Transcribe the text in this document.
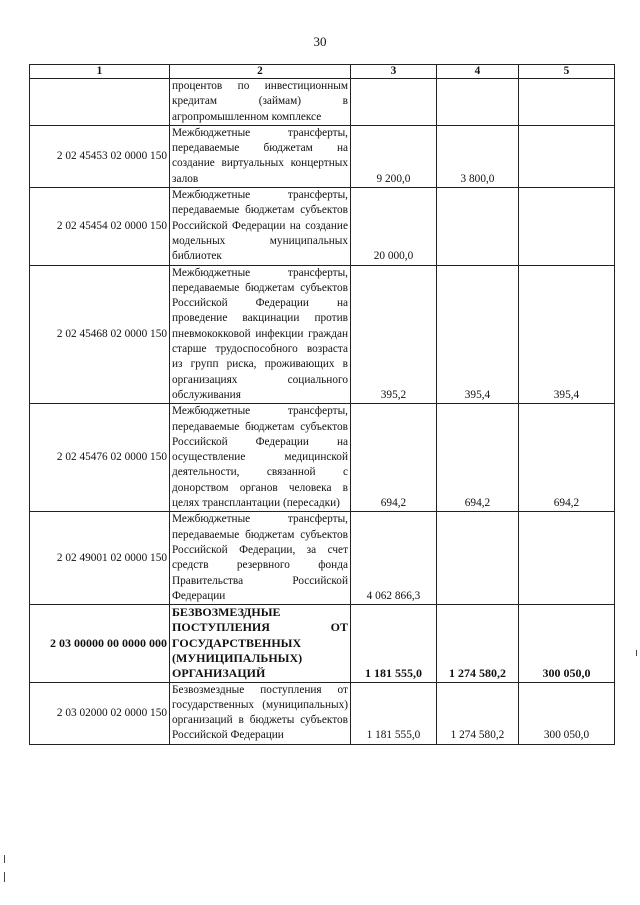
30
1	2	3	4	5
	процентов по инвестиционным кредитам (займам) в агропромышленном комплексе			
2 02 45453 02 0000 150	Межбюджетные трансферты, передаваемые бюджетам на создание виртуальных концертных залов	9 200,0	3 800,0	
2 02 45454 02 0000 150	Межбюджетные трансферты, передаваемые бюджетам субъектов Российской Федерации на создание модельных муниципальных библиотек	20 000,0		
2 02 45468 02 0000 150	Межбюджетные трансферты, передаваемые бюджетам субъектов Российской Федерации на проведение вакцинации против пневмококковой инфекции граждан старше трудоспособного возраста из групп риска, проживающих в организациях социального обслуживания	395,2	395,4	395,4
2 02 45476 02 0000 150	Межбюджетные трансферты, передаваемые бюджетам субъектов Российской Федерации на осуществление медицинской деятельности, связанной с донорством органов человека в целях трансплантации (пересадки)	694,2	694,2	694,2
2 02 49001 02 0000 150	Межбюджетные трансферты, передаваемые бюджетам субъектов Российской Федерации, за счет средств резервного фонда Правительства Российской Федерации	4 062 866,3		
2 03 00000 00 0000 000	БЕЗВОЗМЕЗДНЫЕ ПОСТУПЛЕНИЯ ОТ ГОСУДАРСТВЕННЫХ (МУНИЦИПАЛЬНЫХ) ОРГАНИЗАЦИЙ	1 181 555,0	1 274 580,2	300 050,0
2 03 02000 02 0000 150	Безвозмездные поступления от государственных (муниципальных) организаций в бюджеты субъектов Российской Федерации	1 181 555,0	1 274 580,2	300 050,0
